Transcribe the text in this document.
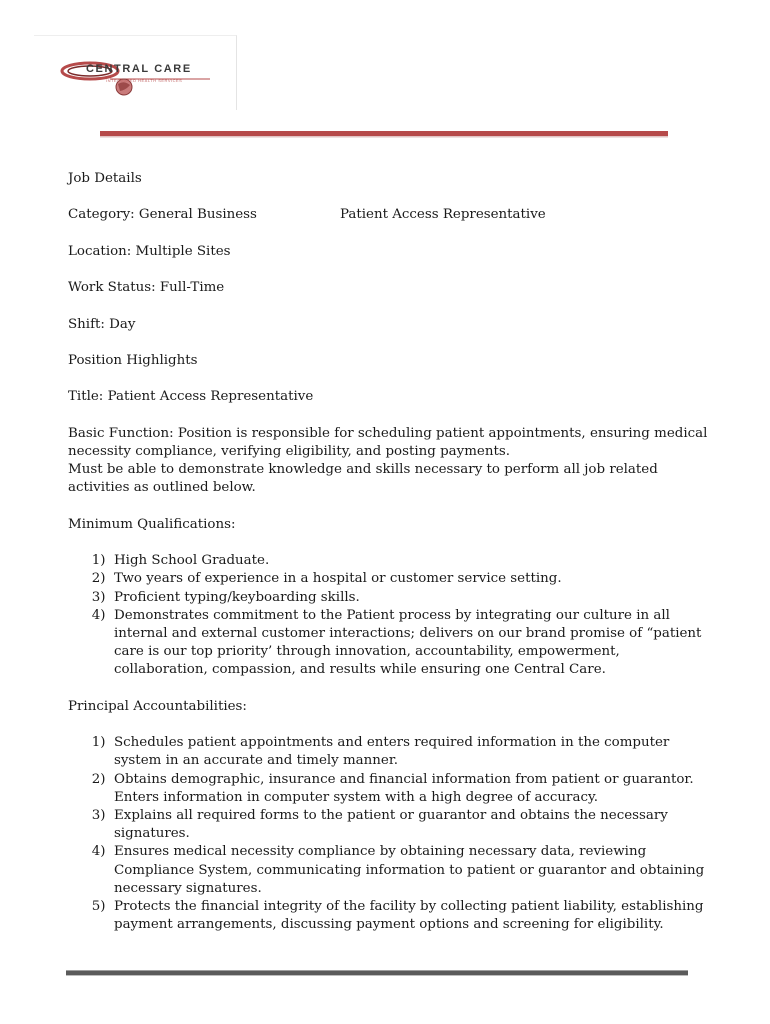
CENTRAL CARE
INTEGRATED HEALTH SERVICES

Job Details

Category: General Business	Patient Access Representative

Location: Multiple Sites

Work Status: Full-Time

Shift: Day

Position Highlights

Title: Patient Access Representative

Basic Function: Position is responsible for scheduling patient appointments, ensuring medical necessity compliance, verifying eligibility, and posting payments.
Must be able to demonstrate knowledge and skills necessary to perform all job related activities as outlined below.

Minimum Qualifications:

1. High School Graduate.
2. Two years of experience in a hospital or customer service setting.
3. Proficient typing/keyboarding skills.
4. Demonstrates commitment to the Patient process by integrating our culture in all internal and external customer interactions; delivers on our brand promise of “patient care is our top priority’ through innovation, accountability, empowerment, collaboration, compassion, and results while ensuring one Central Care.

Principal Accountabilities:

1. Schedules patient appointments and enters required information in the computer system in an accurate and timely manner.
2. Obtains demographic, insurance and financial information from patient or guarantor. Enters information in computer system with a high degree of accuracy.
3. Explains all required forms to the patient or guarantor and obtains the necessary signatures.
4. Ensures medical necessity compliance by obtaining necessary data, reviewing Compliance System, communicating information to patient or guarantor and obtaining necessary signatures.
5. Protects the financial integrity of the facility by collecting patient liability, establishing payment arrangements, discussing payment options and screening for eligibility.
